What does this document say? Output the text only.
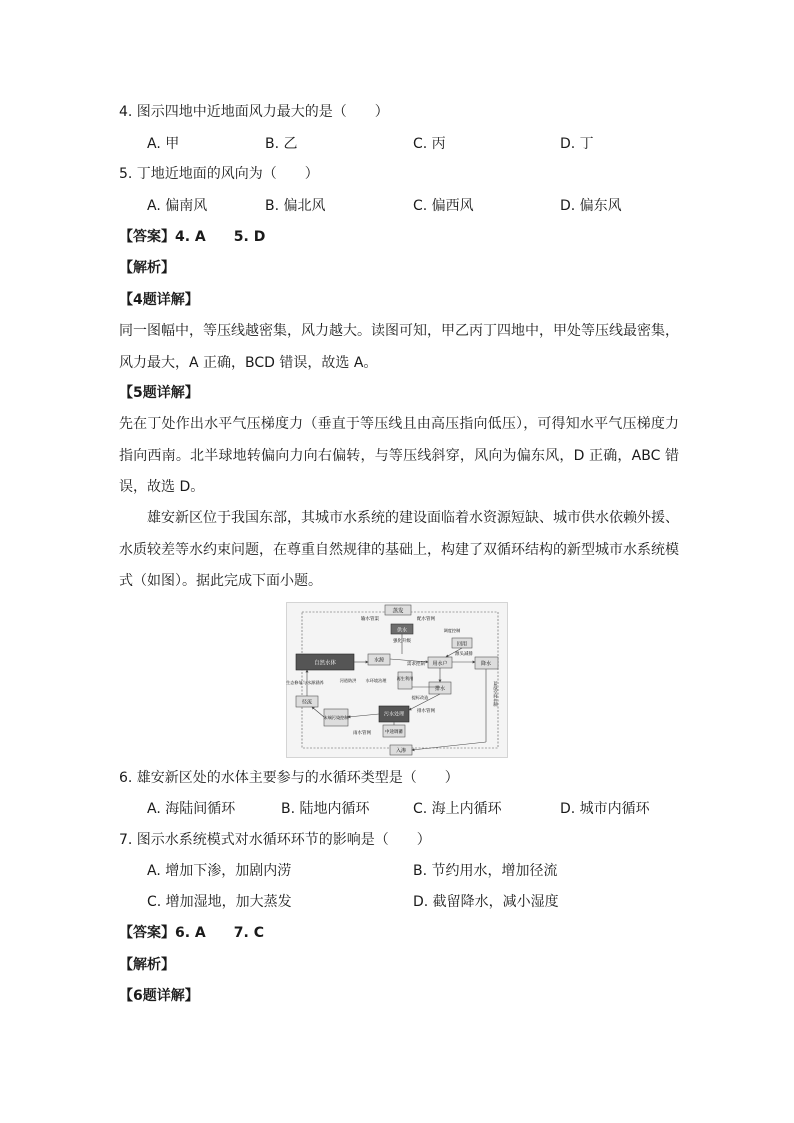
4. 图示四地中近地面风力最大的是（　　）
A. 甲	B. 乙	C. 丙	D. 丁
5. 丁地近地面的风向为（　　）
A. 偏南风	B. 偏北风	C. 偏西风	D. 偏东风
【答案】4. A　　5. D
【解析】
【4题详解】
同一图幅中，等压线越密集，风力越大。读图可知，甲乙丙丁四地中，甲处等压线最密集，风力最大，A 正确，BCD 错误，故选 A。
【5题详解】
先在丁处作出水平气压梯度力（垂直于等压线且由高压指向低压），可得知水平气压梯度力指向西南。北半球地转偏向力向右偏转，与等压线斜穿，风向为偏东风，D 正确，ABC 错误，故选 D。
雄安新区位于我国东部，其城市水系统的建设面临着水资源短缺、城市供水依赖外援、水质较差等水约束问题，在尊重自然规律的基础上，构建了双循环结构的新型城市水系统模式（如图）。据此完成下面小题。
蒸发
输水管渠	配水管网
供水
强化升级	回用
需求控制 用水户
源头减排
降水
自然水体	水源
生态修复与水源涵养	河道防洪 水环境治理 再生利用
排水
径流
排水管网
污水处理
末端污染控制
中途调蓄
雨水管网
入渗
蓝绿空间控制
提标改造
调度控制
6. 雄安新区处的水体主要参与的水循环类型是（　　）
A. 海陆间循环	B. 陆地内循环	C. 海上内循环	D. 城市内循环
7. 图示水系统模式对水循环环节的影响是（　　）
A. 增加下渗，加剧内涝	B. 节约用水，增加径流
C. 增加湿地，加大蒸发	D. 截留降水，减小湿度
【答案】6. A　　7. C
【解析】
【6题详解】
